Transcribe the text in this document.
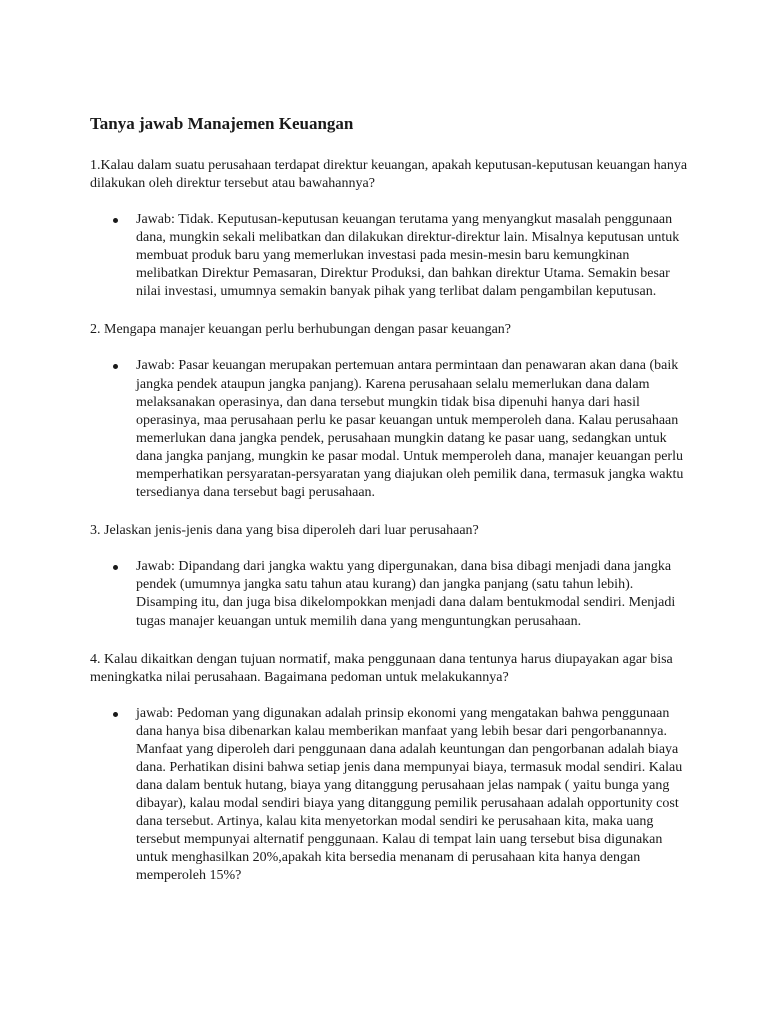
Tanya jawab Manajemen Keuangan

1.Kalau dalam suatu perusahaan terdapat direktur keuangan, apakah keputusan-keputusan keuangan hanya dilakukan oleh direktur tersebut atau bawahannya?

Jawab: Tidak. Keputusan-keputusan keuangan terutama yang menyangkut masalah penggunaan dana, mungkin sekali melibatkan dan dilakukan direktur-direktur lain. Misalnya keputusan untuk membuat produk baru yang memerlukan investasi pada mesin-mesin baru kemungkinan melibatkan Direktur Pemasaran, Direktur Produksi, dan bahkan direktur Utama. Semakin besar nilai investasi, umumnya semakin banyak pihak yang terlibat dalam pengambilan keputusan.

2. Mengapa manajer keuangan perlu berhubungan dengan pasar keuangan?

Jawab: Pasar keuangan merupakan pertemuan antara permintaan dan penawaran akan dana (baik jangka pendek ataupun jangka panjang). Karena perusahaan selalu memerlukan dana dalam melaksanakan operasinya, dan dana tersebut mungkin tidak bisa dipenuhi hanya dari hasil operasinya, maa perusahaan perlu ke pasar keuangan untuk memperoleh dana. Kalau perusahaan memerlukan dana jangka pendek, perusahaan mungkin datang ke pasar uang, sedangkan untuk dana jangka panjang, mungkin ke pasar modal. Untuk memperoleh dana, manajer keuangan perlu memperhatikan persyaratan-persyaratan yang diajukan oleh pemilik dana, termasuk jangka waktu tersedianya dana tersebut bagi perusahaan.

3. Jelaskan jenis-jenis dana yang bisa diperoleh dari luar perusahaan?

Jawab: Dipandang dari jangka waktu yang dipergunakan, dana bisa dibagi menjadi dana jangka pendek (umumnya jangka satu tahun atau kurang) dan jangka panjang (satu tahun lebih). Disamping itu, dan juga bisa dikelompokkan menjadi dana dalam bentukmodal sendiri. Menjadi tugas manajer keuangan untuk memilih dana yang menguntungkan perusahaan.

4. Kalau dikaitkan dengan tujuan normatif, maka penggunaan dana tentunya harus diupayakan agar bisa meningkatka nilai perusahaan. Bagaimana pedoman untuk melakukannya?

jawab: Pedoman yang digunakan adalah prinsip ekonomi yang mengatakan bahwa penggunaan dana hanya bisa dibenarkan kalau memberikan manfaat yang lebih besar dari pengorbanannya. Manfaat yang diperoleh dari penggunaan dana adalah keuntungan dan pengorbanan adalah biaya dana. Perhatikan disini bahwa setiap jenis dana mempunyai biaya, termasuk modal sendiri. Kalau dana dalam bentuk hutang, biaya yang ditanggung perusahaan jelas nampak ( yaitu bunga yang dibayar), kalau modal sendiri biaya yang ditanggung pemilik perusahaan adalah opportunity cost dana tersebut. Artinya, kalau kita menyetorkan modal sendiri ke perusahaan kita, maka uang tersebut mempunyai alternatif penggunaan. Kalau di tempat lain uang tersebut bisa digunakan untuk menghasilkan 20%,apakah kita bersedia menanam di perusahaan kita hanya dengan memperoleh 15%?
